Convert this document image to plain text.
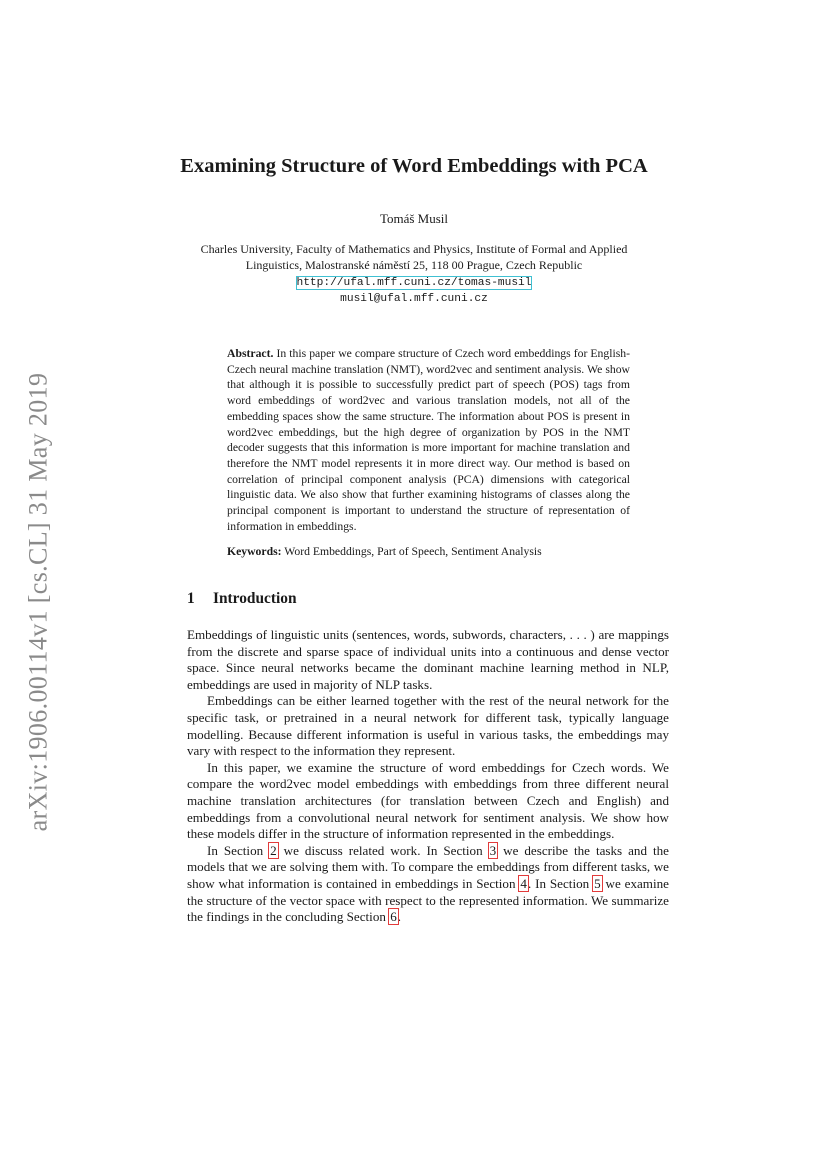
arXiv:1906.00114v1 [cs.CL] 31 May 2019
Examining Structure of Word Embeddings with PCA
Tomáš Musil
Charles University, Faculty of Mathematics and Physics, Institute of Formal and Applied
Linguistics, Malostranské náměstí 25, 118 00 Prague, Czech Republic
http://ufal.mff.cuni.cz/tomas-musil
musil@ufal.mff.cuni.cz
Abstract. In this paper we compare structure of Czech word embeddings for English-Czech neural machine translation (NMT), word2vec and sentiment analysis. We show that although it is possible to successfully predict part of speech (POS) tags from word embeddings of word2vec and various translation models, not all of the embedding spaces show the same structure. The information about POS is present in word2vec embeddings, but the high degree of organization by POS in the NMT decoder suggests that this information is more important for machine translation and therefore the NMT model represents it in more direct way. Our method is based on correlation of principal component analysis (PCA) dimensions with categorical linguistic data. We also show that further examining histograms of classes along the principal component is important to understand the structure of representation of information in embeddings.
Keywords: Word Embeddings, Part of Speech, Sentiment Analysis
1 Introduction

Embeddings of linguistic units (sentences, words, subwords, characters, . . . ) are mappings from the discrete and sparse space of individual units into a continuous and dense vector space. Since neural networks became the dominant machine learning method in NLP, embeddings are used in majority of NLP tasks.

Embeddings can be either learned together with the rest of the neural network for the specific task, or pretrained in a neural network for different task, typically language modelling. Because different information is useful in various tasks, the embeddings may vary with respect to the information they represent.

In this paper, we examine the structure of word embeddings for Czech words. We compare the word2vec model embeddings with embeddings from three different neural machine translation architectures (for translation between Czech and English) and embeddings from a convolutional neural network for sentiment analysis. We show how these models differ in the structure of information represented in the embeddings.

In Section 2 we discuss related work. In Section 3 we describe the tasks and the models that we are solving them with. To compare the embeddings from different tasks, we show what information is contained in embeddings in Section 4. In Section 5 we examine the structure of the vector space with respect to the represented information. We summarize the findings in the concluding Section 6.
